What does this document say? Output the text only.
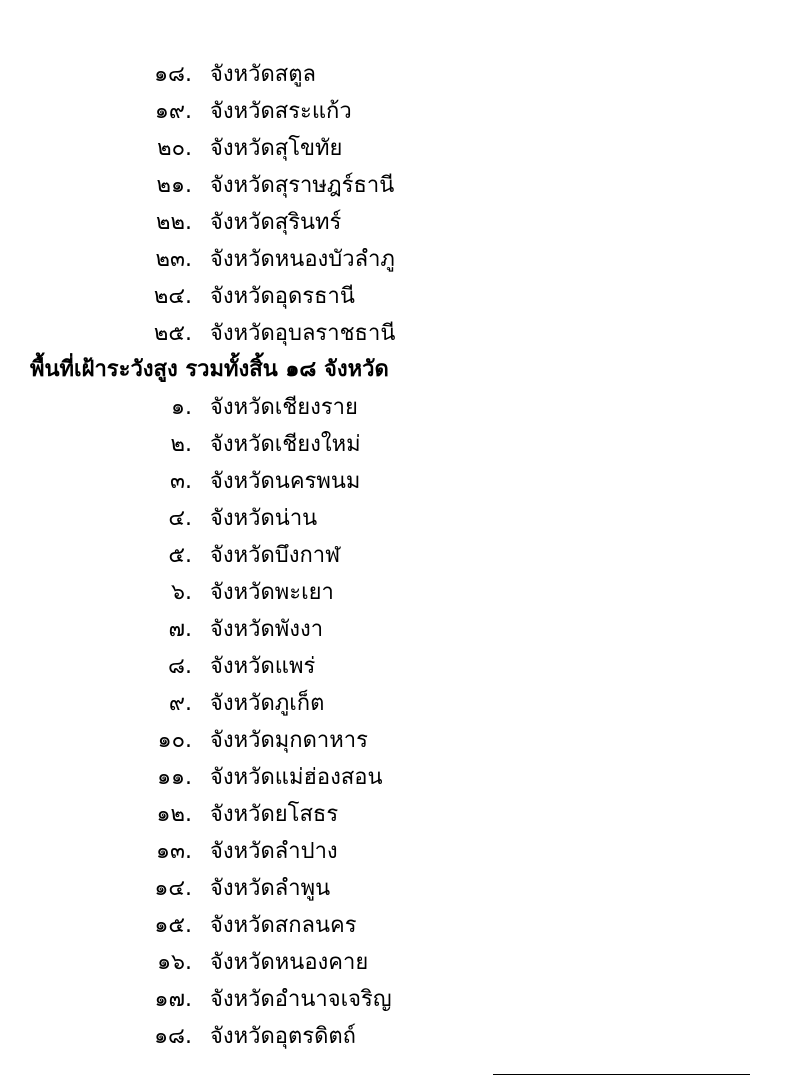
๑๘. จังหวัดสตูล
๑๙. จังหวัดสระแก้ว
๒๐. จังหวัดสุโขทัย
๒๑. จังหวัดสุราษฎร์ธานี
๒๒. จังหวัดสุรินทร์
๒๓. จังหวัดหนองบัวลำภู
๒๔. จังหวัดอุดรธานี
๒๕. จังหวัดอุบลราชธานี
พื้นที่เฝ้าระวังสูง รวมทั้งสิ้น ๑๘ จังหวัด
๑. จังหวัดเชียงราย
๒. จังหวัดเชียงใหม่
๓. จังหวัดนครพนม
๔. จังหวัดน่าน
๕. จังหวัดบึงกาฬ
๖. จังหวัดพะเยา
๗. จังหวัดพังงา
๘. จังหวัดแพร่
๙. จังหวัดภูเก็ต
๑๐. จังหวัดมุกดาหาร
๑๑. จังหวัดแม่ฮ่องสอน
๑๒. จังหวัดยโสธร
๑๓. จังหวัดลำปาง
๑๔. จังหวัดลำพูน
๑๕. จังหวัดสกลนคร
๑๖. จังหวัดหนองคาย
๑๗. จังหวัดอำนาจเจริญ
๑๘. จังหวัดอุตรดิตถ์
